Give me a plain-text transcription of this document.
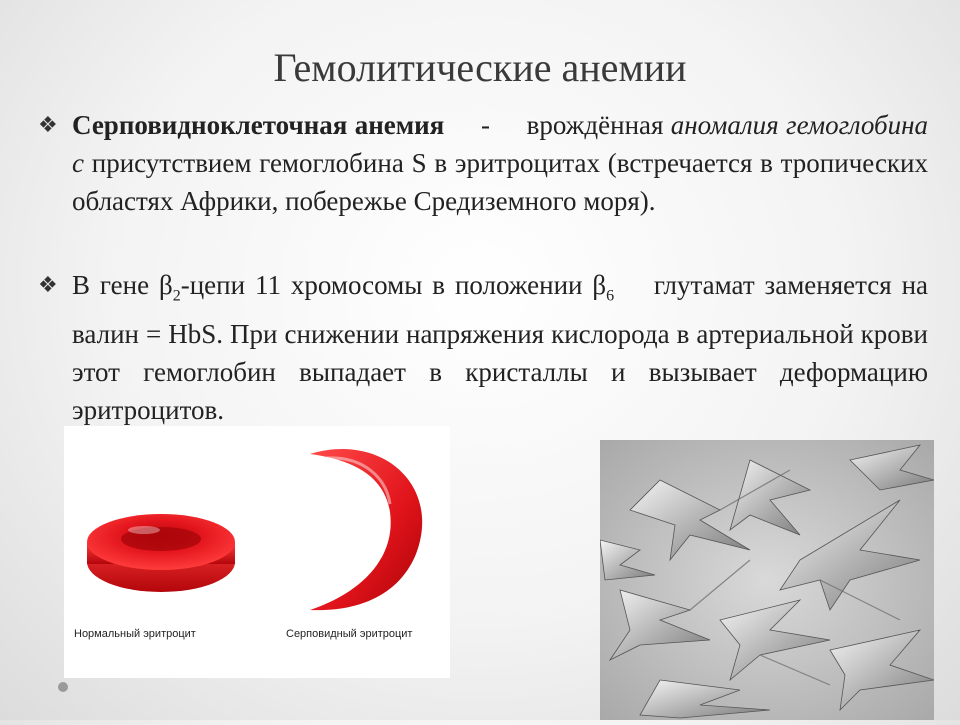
Гемолитические анемии
❖ Серповидноклеточная анемия - врождённая аномалия гемоглобина с присутствием гемоглобина S в эритроцитах (встречается в тропических областях Африки, побережье Средиземного моря).
❖ В гене $\beta_2$-цепи 11 хромосомы в положении $\beta_6$ глутамат заменяется на валин = HbS. При снижении напряжения кислорода в артериальной крови этот гемоглобин выпадает в кристаллы и вызывает деформацию эритроцитов.
Нормальный эритроцит	Серповидный эритроцит
